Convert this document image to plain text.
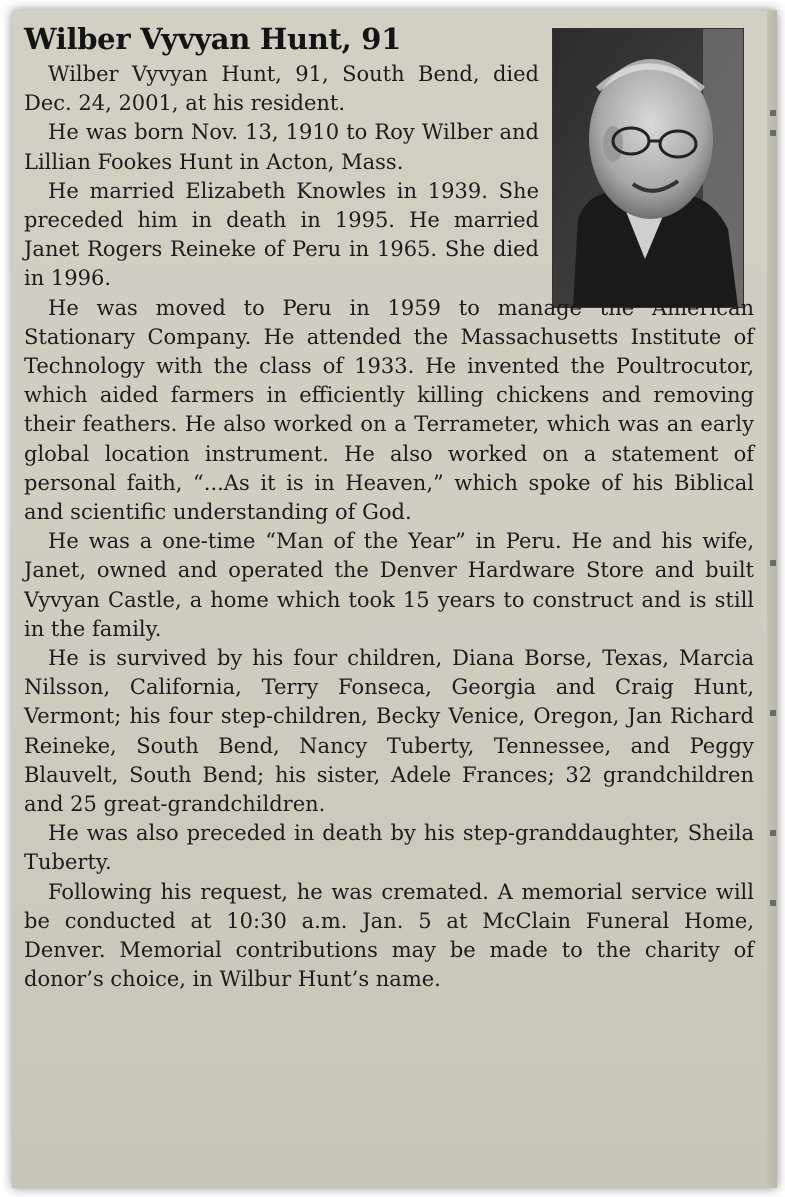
Wilber Vyvyan Hunt, 91

Wilber Vyvyan Hunt, 91, South Bend, died Dec. 24, 2001, at his resident.

He was born Nov. 13, 1910 to Roy Wilber and Lillian Fookes Hunt in Acton, Mass.

He married Elizabeth Knowles in 1939. She preceded him in death in 1995. He married Janet Rogers Reineke of Peru in 1965. She died in 1996.

He was moved to Peru in 1959 to manage the American Stationary Company. He attended the Massachusetts Institute of Technology with the class of 1933. He invented the Poultrocutor, which aided farmers in efficiently killing chickens and removing their feathers. He also worked on a Terrameter, which was an early global location instrument. He also worked on a statement of personal faith, “...As it is in Heaven,” which spoke of his Biblical and scientific understanding of God.

He was a one-time “Man of the Year” in Peru. He and his wife, Janet, owned and operated the Denver Hardware Store and built Vyvyan Castle, a home which took 15 years to construct and is still in the family.

He is survived by his four children, Diana Borse, Texas, Marcia Nilsson, California, Terry Fonseca, Georgia and Craig Hunt, Vermont; his four step-children, Becky Venice, Oregon, Jan Richard Reineke, South Bend, Nancy Tuberty, Tennessee, and Peggy Blauvelt, South Bend; his sister, Adele Frances; 32 grandchildren and 25 great-grandchildren.

He was also preceded in death by his step-granddaughter, Sheila Tuberty.

Following his request, he was cremated. A memorial service will be conducted at 10:30 a.m. Jan. 5 at McClain Funeral Home, Denver. Memorial contributions may be made to the charity of donor’s choice, in Wilbur Hunt’s name.
